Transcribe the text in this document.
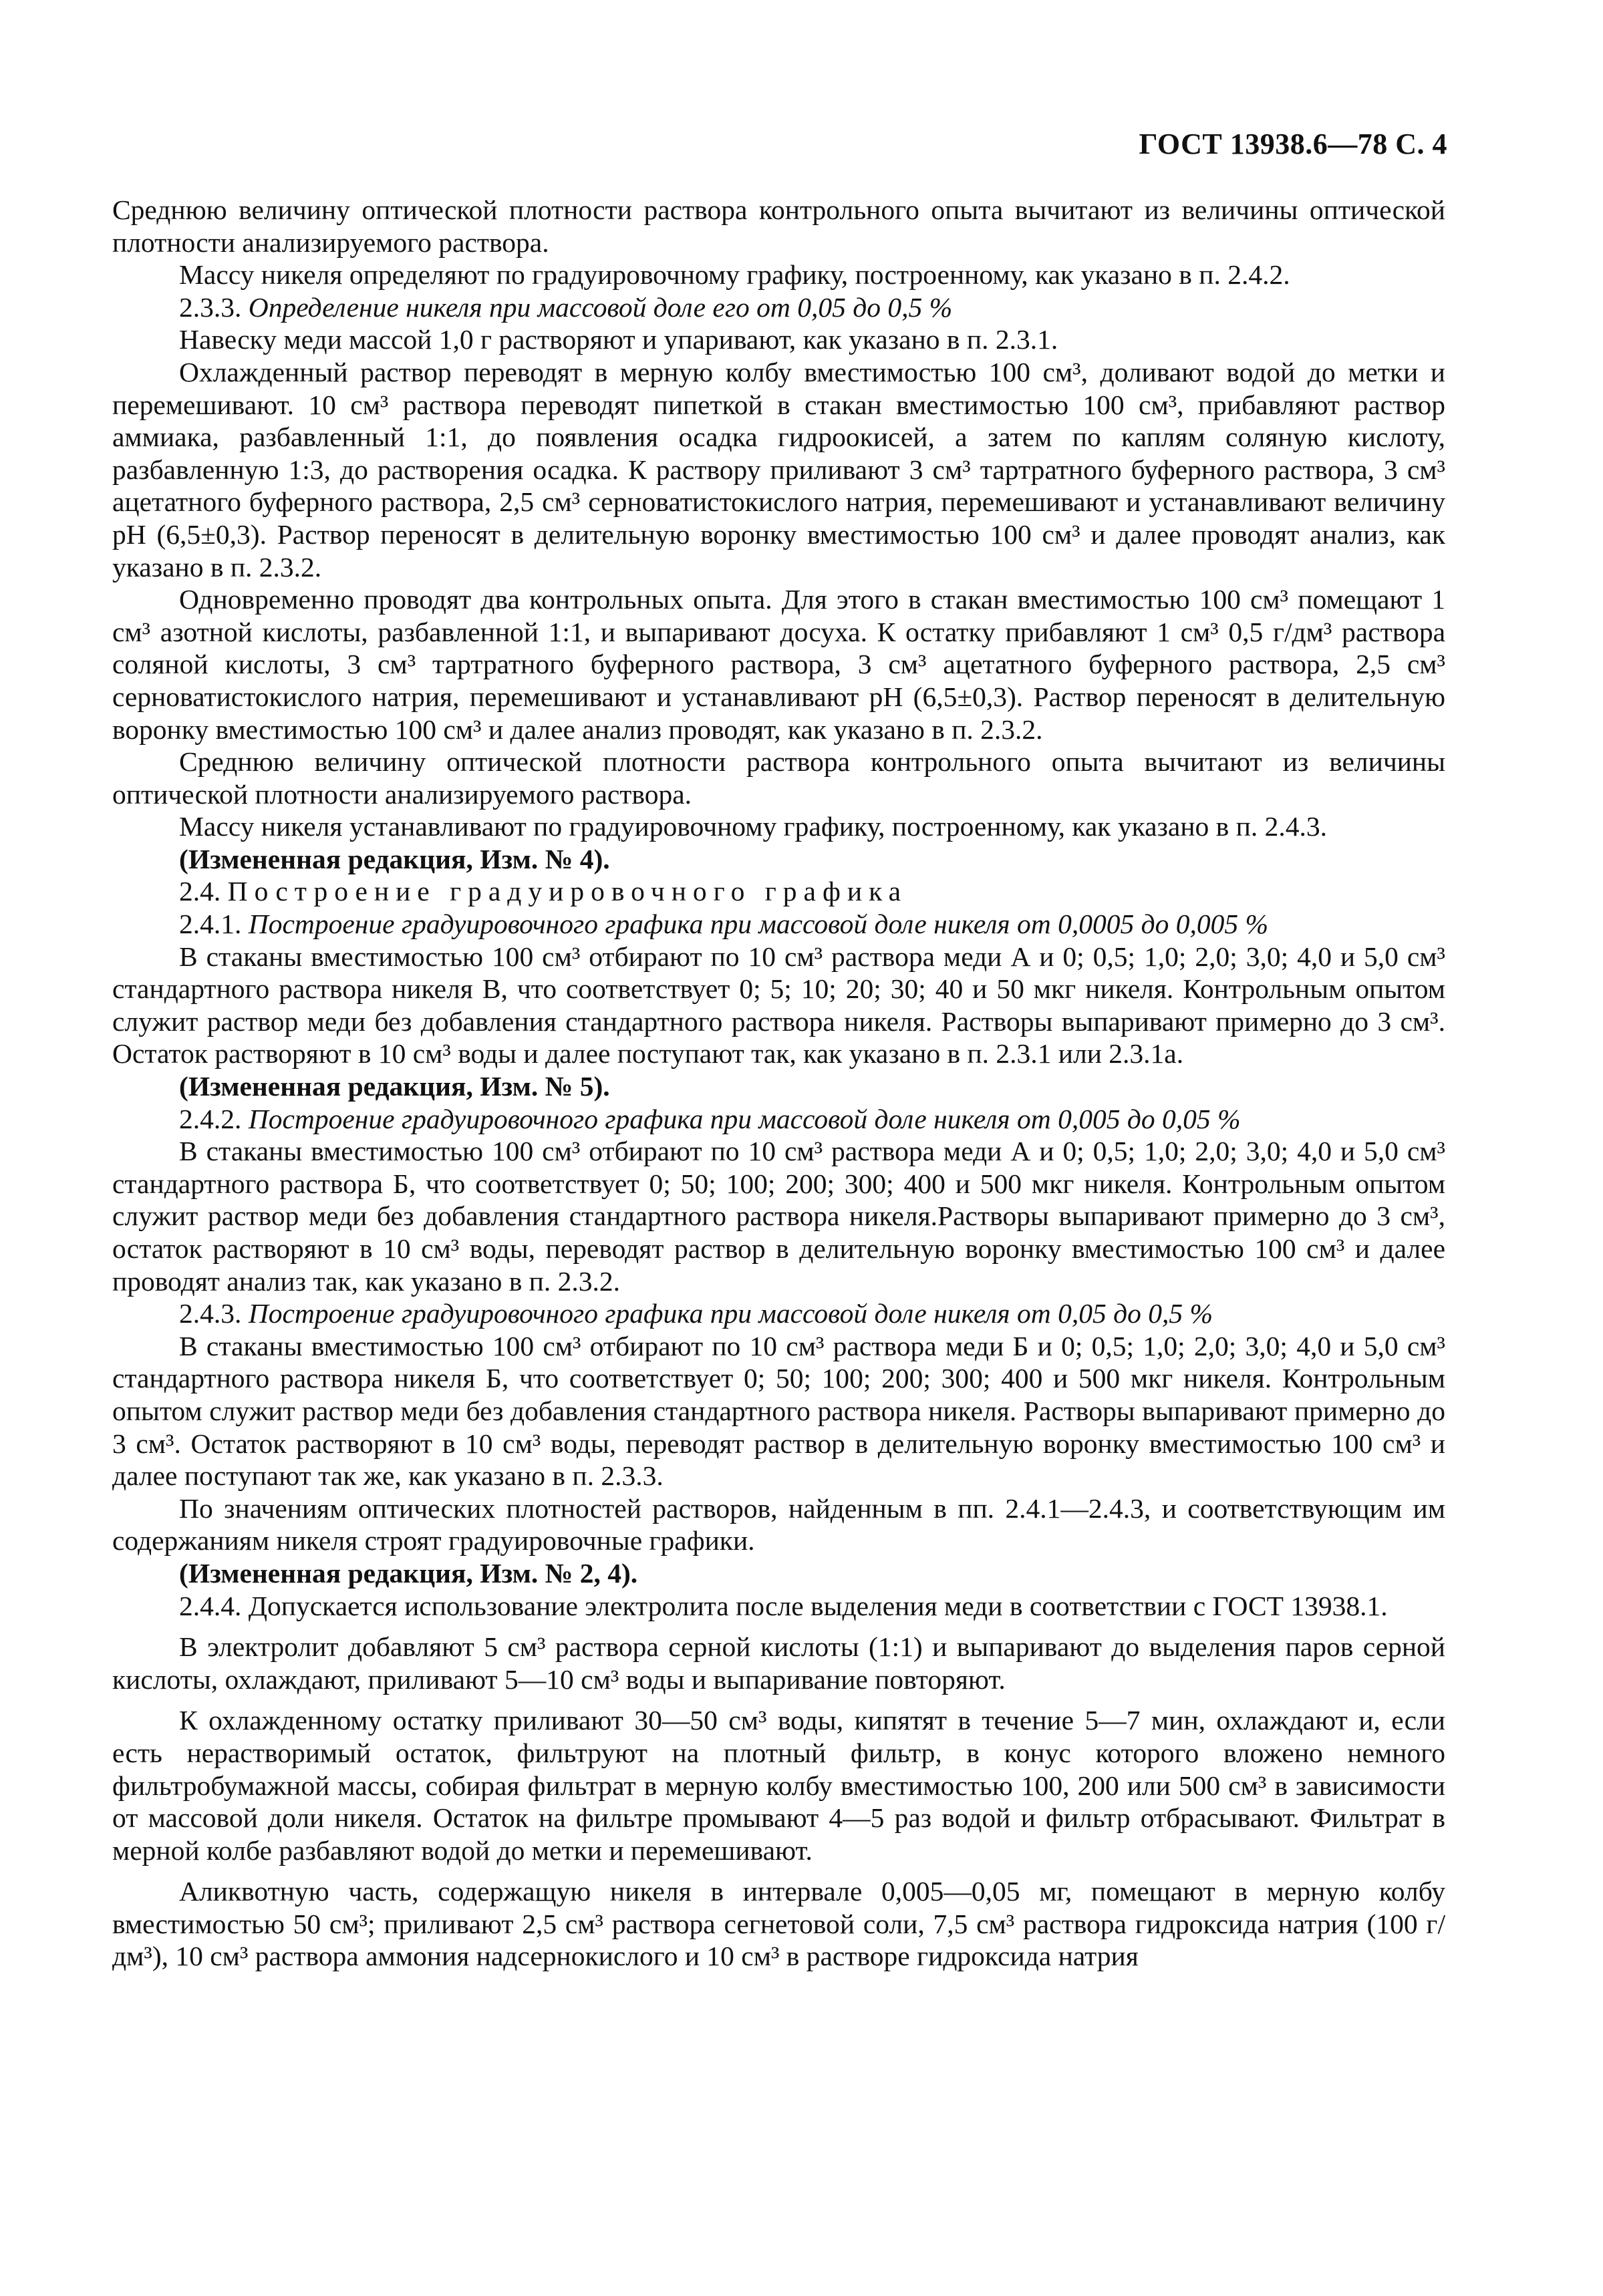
ГОСТ 13938.6—78 С. 4

Среднюю величину оптической плотности раствора контрольного опыта вычитают из величины оптической плотности анализируемого раствора.

Массу никеля определяют по градуировочному графику, построенному, как указано в п. 2.4.2.

2.3.3. Определение никеля при массовой доле его от 0,05 до 0,5 %

Навеску меди массой 1,0 г растворяют и упаривают, как указано в п. 2.3.1.

Охлажденный раствор переводят в мерную колбу вместимостью 100 см³, доливают водой до метки и перемешивают. 10 см³ раствора переводят пипеткой в стакан вместимостью 100 см³, прибавляют раствор аммиака, разбавленный 1:1, до появления осадка гидроокисей, а затем по каплям соляную кислоту, разбавленную 1:3, до растворения осадка. К раствору приливают 3 см³ тартратного буферного раствора, 3 см³ ацетатного буферного раствора, 2,5 см³ серноватистокислого натрия, перемешивают и устанавливают величину рН (6,5±0,3). Раствор переносят в делительную воронку вместимостью 100 см³ и далее проводят анализ, как указано в п. 2.3.2.

Одновременно проводят два контрольных опыта. Для этого в стакан вместимостью 100 см³ помещают 1 см³ азотной кислоты, разбавленной 1:1, и выпаривают досуха. К остатку прибавляют 1 см³ 0,5 г/дм³ раствора соляной кислоты, 3 см³ тартратного буферного раствора, 3 см³ ацетатного буферного раствора, 2,5 см³ серноватистокислого натрия, перемешивают и устанавливают рН (6,5±0,3). Раствор переносят в делительную воронку вместимостью 100 см³ и далее анализ проводят, как указано в п. 2.3.2.

Среднюю величину оптической плотности раствора контрольного опыта вычитают из величины оптической плотности анализируемого раствора.

Массу никеля устанавливают по градуировочному графику, построенному, как указано в п. 2.4.3.

(Измененная редакция, Изм. № 4).

2.4. Построение градуировочного графика

2.4.1. Построение градуировочного графика при массовой доле никеля от 0,0005 до 0,005 %

В стаканы вместимостью 100 см³ отбирают по 10 см³ раствора меди А и 0; 0,5; 1,0; 2,0; 3,0; 4,0 и 5,0 см³ стандартного раствора никеля В, что соответствует 0; 5; 10; 20; 30; 40 и 50 мкг никеля. Контрольным опытом служит раствор меди без добавления стандартного раствора никеля. Растворы выпаривают примерно до 3 см³. Остаток растворяют в 10 см³ воды и далее поступают так, как указано в п. 2.3.1 или 2.3.1а.

(Измененная редакция, Изм. № 5).

2.4.2. Построение градуировочного графика при массовой доле никеля от 0,005 до 0,05 %

В стаканы вместимостью 100 см³ отбирают по 10 см³ раствора меди А и 0; 0,5; 1,0; 2,0; 3,0; 4,0 и 5,0 см³ стандартного раствора Б, что соответствует 0; 50; 100; 200; 300; 400 и 500 мкг никеля. Контрольным опытом служит раствор меди без добавления стандартного раствора никеля.Растворы выпаривают примерно до 3 см³, остаток растворяют в 10 см³ воды, переводят раствор в делительную воронку вместимостью 100 см³ и далее проводят анализ так, как указано в п. 2.3.2.

2.4.3. Построение градуировочного графика при массовой доле никеля от 0,05 до 0,5 %

В стаканы вместимостью 100 см³ отбирают по 10 см³ раствора меди Б и 0; 0,5; 1,0; 2,0; 3,0; 4,0 и 5,0 см³ стандартного раствора никеля Б, что соответствует 0; 50; 100; 200; 300; 400 и 500 мкг никеля. Контрольным опытом служит раствор меди без добавления стандартного раствора никеля. Растворы выпаривают примерно до 3 см³. Остаток растворяют в 10 см³ воды, переводят раствор в делительную воронку вместимостью 100 см³ и далее поступают так же, как указано в п. 2.3.3.

По значениям оптических плотностей растворов, найденным в пп. 2.4.1—2.4.3, и соответствующим им содержаниям никеля строят градуировочные графики.

(Измененная редакция, Изм. № 2, 4).

2.4.4. Допускается использование электролита после выделения меди в соответствии с ГОСТ 13938.1.

В электролит добавляют 5 см³ раствора серной кислоты (1:1) и выпаривают до выделения паров серной кислоты, охлаждают, приливают 5—10 см³ воды и выпаривание повторяют.

К охлажденному остатку приливают 30—50 см³ воды, кипятят в течение 5—7 мин, охлаждают и, если есть нерастворимый остаток, фильтруют на плотный фильтр, в конус которого вложено немного фильтробумажной массы, собирая фильтрат в мерную колбу вместимостью 100, 200 или 500 см³ в зависимости от массовой доли никеля. Остаток на фильтре промывают 4—5 раз водой и фильтр отбрасывают. Фильтрат в мерной колбе разбавляют водой до метки и перемешивают.

Аликвотную часть, содержащую никеля в интервале 0,005—0,05 мг, помещают в мерную колбу вместимостью 50 см³; приливают 2,5 см³ раствора сегнетовой соли, 7,5 см³ раствора гидроксида натрия (100 г/дм³), 10 см³ раствора аммония надсернокислого и 10 см³ в растворе гидроксида натрия
